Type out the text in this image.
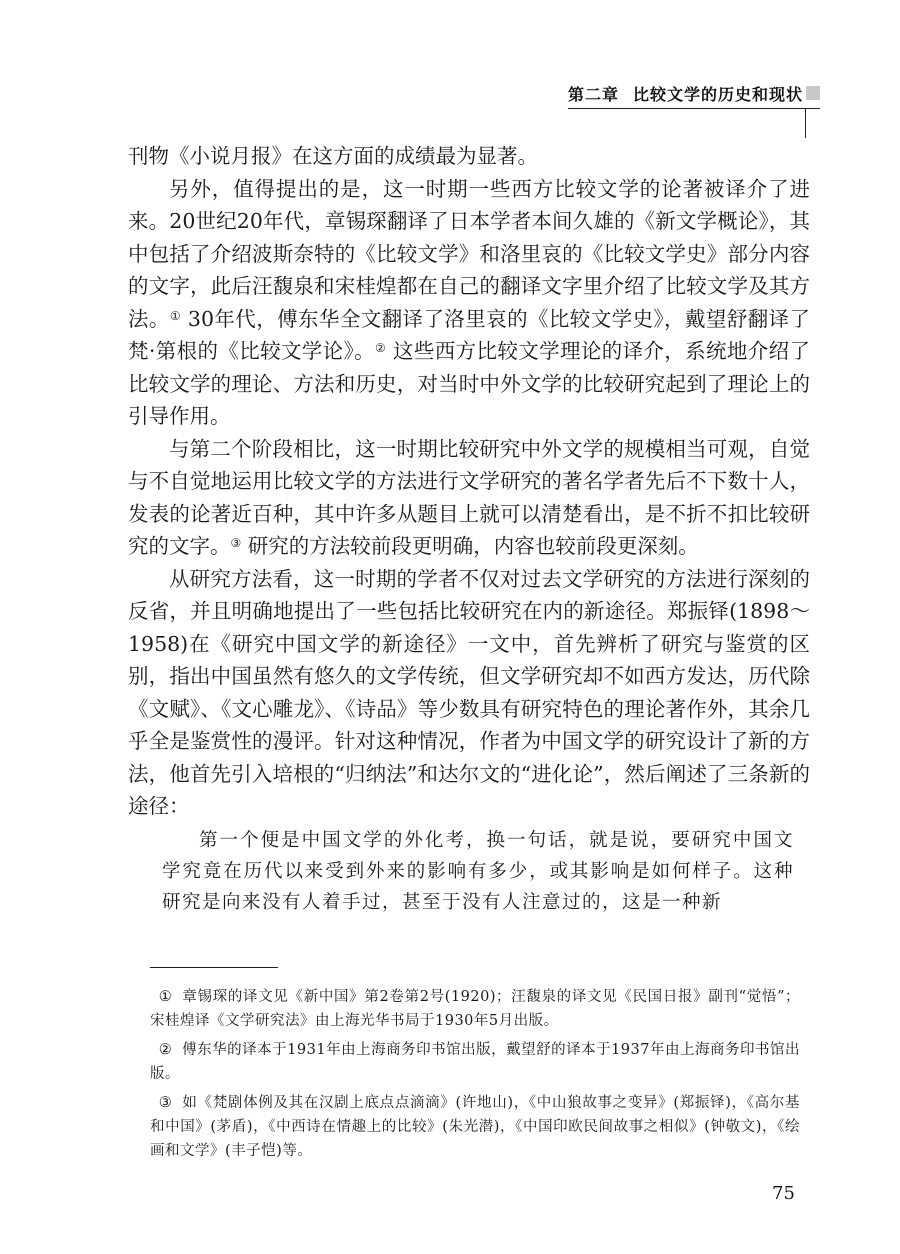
第二章 比较文学的历史和现状

刊物《小说月报》在这方面的成绩最为显著。

另外，值得提出的是，这一时期一些西方比较文学的论著被译介了进来。20世纪20年代，章锡琛翻译了日本学者本间久雄的《新文学概论》，其中包括了介绍波斯奈特的《比较文学》和洛里哀的《比较文学史》部分内容的文字，此后汪馥泉和宋桂煌都在自己的翻译文字里介绍了比较文学及其方法。① 30年代，傅东华全文翻译了洛里哀的《比较文学史》，戴望舒翻译了梵·第根的《比较文学论》。② 这些西方比较文学理论的译介，系统地介绍了比较文学的理论、方法和历史，对当时中外文学的比较研究起到了理论上的引导作用。

与第二个阶段相比，这一时期比较研究中外文学的规模相当可观，自觉与不自觉地运用比较文学的方法进行文学研究的著名学者先后不下数十人，发表的论著近百种，其中许多从题目上就可以清楚看出，是不折不扣比较研究的文字。③ 研究的方法较前段更明确，内容也较前段更深刻。

从研究方法看，这一时期的学者不仅对过去文学研究的方法进行深刻的反省，并且明确地提出了一些包括比较研究在内的新途径。郑振铎(1898～1958)在《研究中国文学的新途径》一文中，首先辨析了研究与鉴赏的区别，指出中国虽然有悠久的文学传统，但文学研究却不如西方发达，历代除《文赋》、《文心雕龙》、《诗品》等少数具有研究特色的理论著作外，其余几乎全是鉴赏性的漫评。针对这种情况，作者为中国文学的研究设计了新的方法，他首先引入培根的“归纳法”和达尔文的“进化论”，然后阐述了三条新的途径：

第一个便是中国文学的外化考，换一句话，就是说，要研究中国文学究竟在历代以来受到外来的影响有多少，或其影响是如何样子。这种研究是向来没有人着手过，甚至于没有人注意过的，这是一种新

① 章锡琛的译文见《新中国》第2卷第2号(1920)；汪馥泉的译文见《民国日报》副刊“觉悟”；宋桂煌译《文学研究法》由上海光华书局于1930年5月出版。

② 傅东华的译本于1931年由上海商务印书馆出版，戴望舒的译本于1937年由上海商务印书馆出版。

③ 如《梵剧体例及其在汉剧上底点点滴滴》(许地山)，《中山狼故事之变异》(郑振铎)，《高尔基和中国》(茅盾)，《中西诗在情趣上的比较》(朱光潜)，《中国印欧民间故事之相似》(钟敬文)，《绘画和文学》(丰子恺)等。

75
